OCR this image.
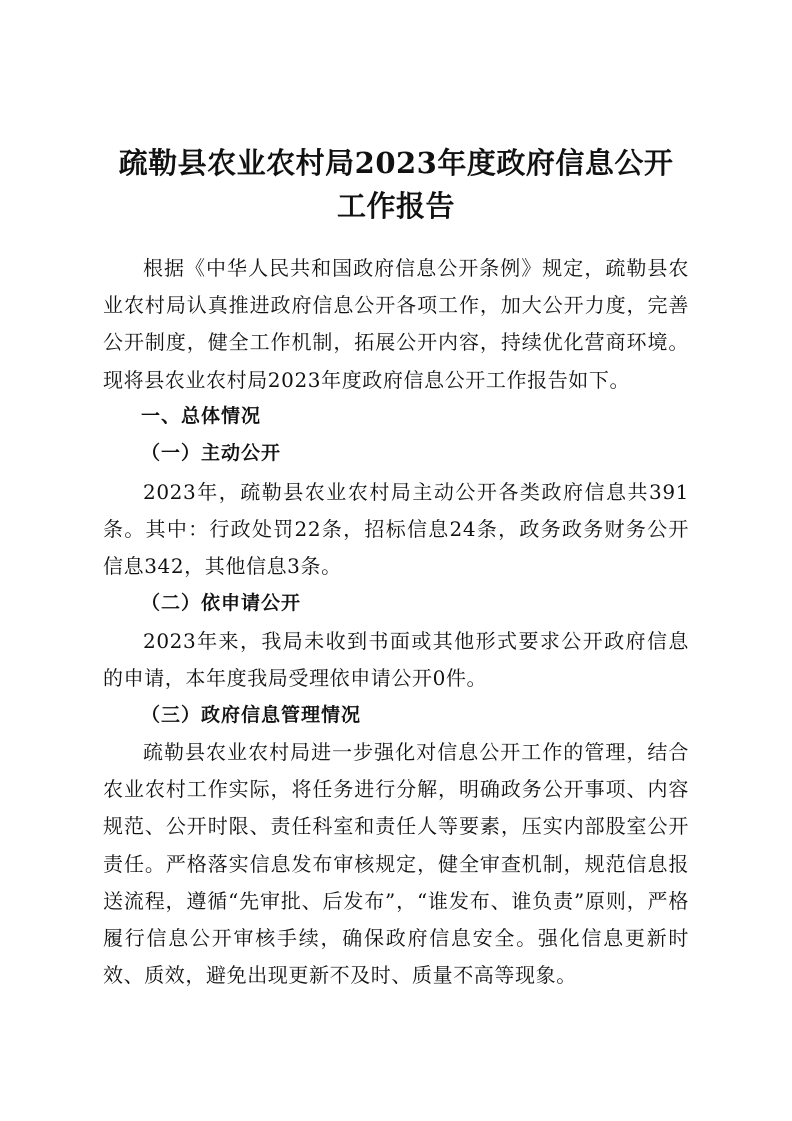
疏勒县农业农村局2023年度政府信息公开
工作报告

根据《中华人民共和国政府信息公开条例》规定，疏勒县农业农村局认真推进政府信息公开各项工作，加大公开力度，完善公开制度，健全工作机制，拓展公开内容，持续优化营商环境。现将县农业农村局2023年度政府信息公开工作报告如下。

一、总体情况
（一）主动公开

2023年，疏勒县农业农村局主动公开各类政府信息共391条。其中：行政处罚22条，招标信息24条，政务政务财务公开信息342，其他信息3条。

（二）依申请公开

2023年来，我局未收到书面或其他形式要求公开政府信息的申请，本年度我局受理依申请公开0件。

（三）政府信息管理情况

疏勒县农业农村局进一步强化对信息公开工作的管理，结合农业农村工作实际，将任务进行分解，明确政务公开事项、内容规范、公开时限、责任科室和责任人等要素，压实内部股室公开责任。严格落实信息发布审核规定，健全审查机制，规范信息报送流程，遵循“先审批、后发布”，“谁发布、谁负责”原则，严格履行信息公开审核手续，确保政府信息安全。强化信息更新时效、质效，避免出现更新不及时、质量不高等现象。
